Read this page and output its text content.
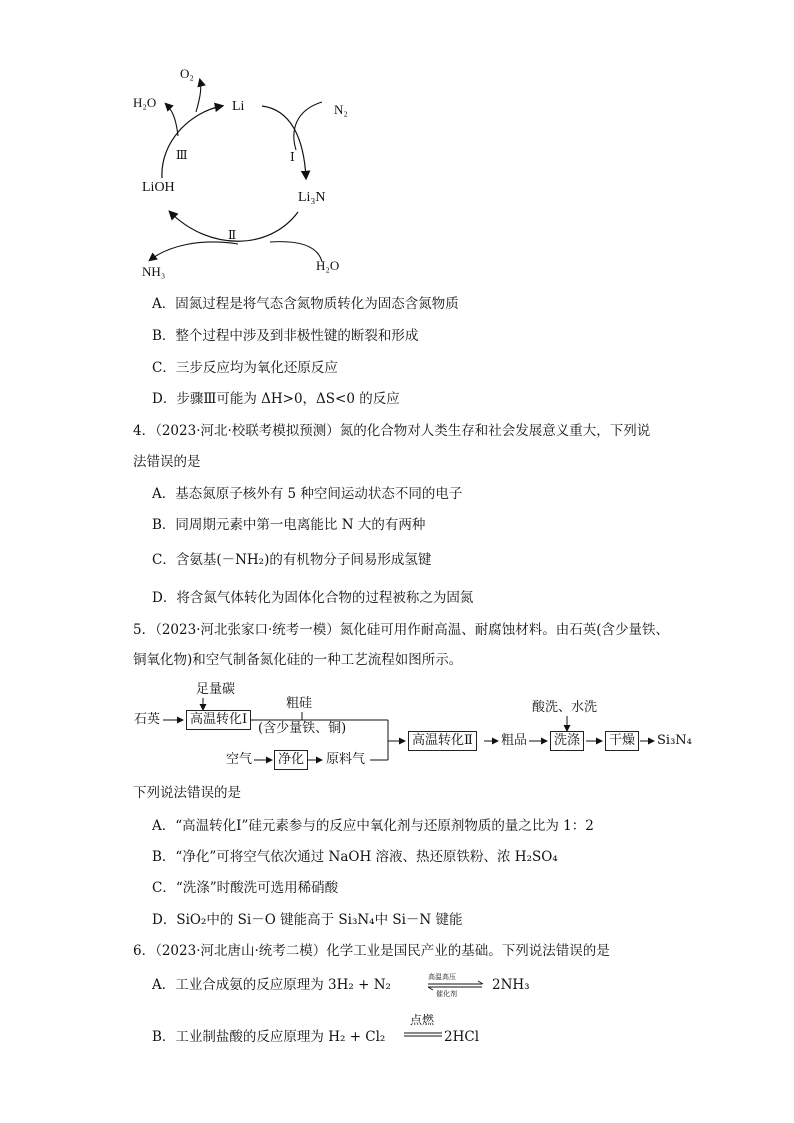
O₂
H₂O	Li	N₂
Ⅰ
Ⅲ
LiOH
Li₃N
Ⅱ
NH₃	H₂O
A．固氮过程是将气态含氮物质转化为固态含氮物质
B．整个过程中涉及到非极性键的断裂和形成
C．三步反应均为氧化还原反应
D．步骤Ⅲ可能为 ΔH>0，ΔS<0 的反应
4．（2023·河北·校联考模拟预测）氮的化合物对人类生存和社会发展意义重大，下列说
法错误的是
A．基态氮原子核外有 5 种空间运动状态不同的电子
B．同周期元素中第一电离能比 N 大的有两种
C．含氨基(－NH₂)的有机物分子间易形成氢键
D．将含氮气体转化为固体化合物的过程被称之为固氮
5．（2023·河北张家口·统考一模）氮化硅可用作耐高温、耐腐蚀材料。由石英(含少量铁、
铜氧化物)和空气制备氮化硅的一种工艺流程如图所示。
足量碳
石英	高温转化Ⅰ
粗硅
(含少量铁、铜)
空气	净化	原料气
高温转化Ⅱ	粗品
酸洗、水洗
洗涤	干燥	Si₃N₄
下列说法错误的是
A．“高温转化Ⅰ”硅元素参与的反应中氧化剂与还原剂物质的量之比为 1：2
B．“净化”可将空气依次通过 NaOH 溶液、热还原铁粉、浓 H₂SO₄
C．“洗涤”时酸洗可选用稀硝酸
D．SiO₂中的 Si－O 键能高于 Si₃N₄中 Si－N 键能
6．（2023·河北唐山·统考二模）化学工业是国民产业的基础。下列说法错误的是
A．工业合成氨的反应原理为 3H₂ + N₂	高温高压
催化剂
2NH₃
B．工业制盐酸的反应原理为 H₂ + Cl₂
点燃
2HCl
